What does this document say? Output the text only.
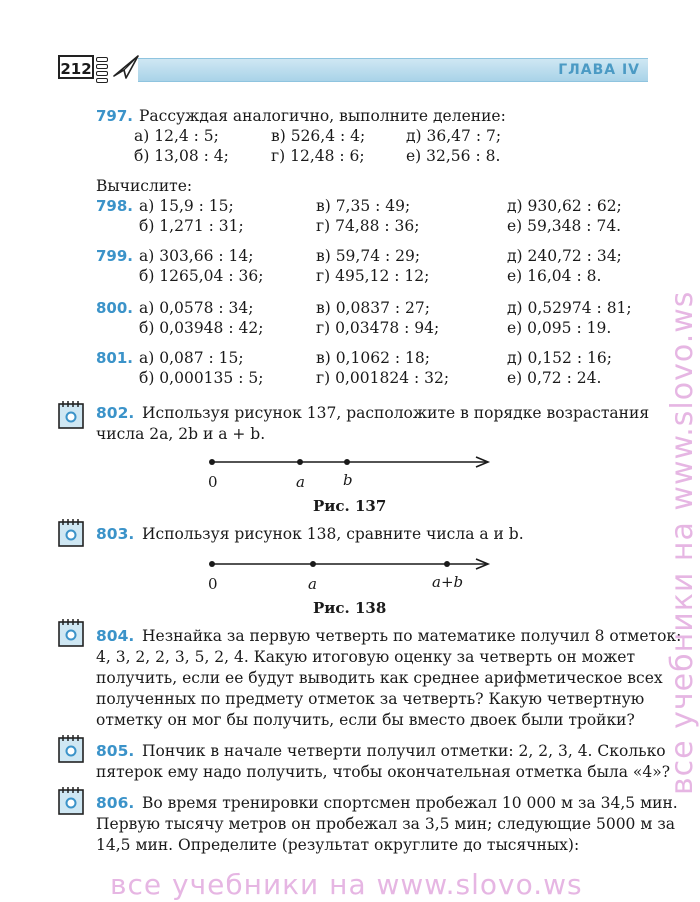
212	ГЛАВА IV
797. Рассуждая аналогично, выполните деление:
а) 12,4 : 5;	в) 526,4 : 4;	д) 36,47 : 7;
б) 13,08 : 4;	г) 12,48 : 6;	е) 32,56 : 8.
Вычислите:
798. а) 15,9 : 15;	в) 7,35 : 49;	д) 930,62 : 62;
б) 1,271 : 31;	г) 74,88 : 36;	е) 59,348 : 74.
799. а) 303,66 : 14;	в) 59,74 : 29;	д) 240,72 : 34;
б) 1265,04 : 36;	г) 495,12 : 12;	е) 16,04 : 8.
800. а) 0,0578 : 34;	в) 0,0837 : 27;	д) 0,52974 : 81;
б) 0,03948 : 42;	г) 0,03478 : 94;	е) 0,095 : 19.
801. а) 0,087 : 15;	в) 0,1062 : 18;	д) 0,152 : 16;
б) 0,000135 : 5;	г) 0,001824 : 32;	е) 0,72 : 24.
802. Используя рисунок 137, расположите в порядке возрастания
числа 2a, 2b и a + b.
0	a	b
Рис. 137
803. Используя рисунок 138, сравните числа a и b.
0	a	a+b
Рис. 138
804. Незнайка за первую четверть по математике получил 8 отметок:
4, 3, 2, 2, 3, 5, 2, 4. Какую итоговую оценку за четверть он может
получить, если ее будут выводить как среднее арифметическое всех
полученных по предмету отметок за четверть? Какую четвертную
отметку он мог бы получить, если бы вместо двоек были тройки?
805. Пончик в начале четверти получил отметки: 2, 2, 3, 4. Сколько
пятерок ему надо получить, чтобы окончательная отметка была «4»?
806. Во время тренировки спортсмен пробежал 10 000 м за 34,5 мин.
Первую тысячу метров он пробежал за 3,5 мин; следующие 5000 м за
14,5 мин. Определите (результат округлите до тысячных):
все учебники на www.slovo.ws
все учебники на www.slovo.ws
